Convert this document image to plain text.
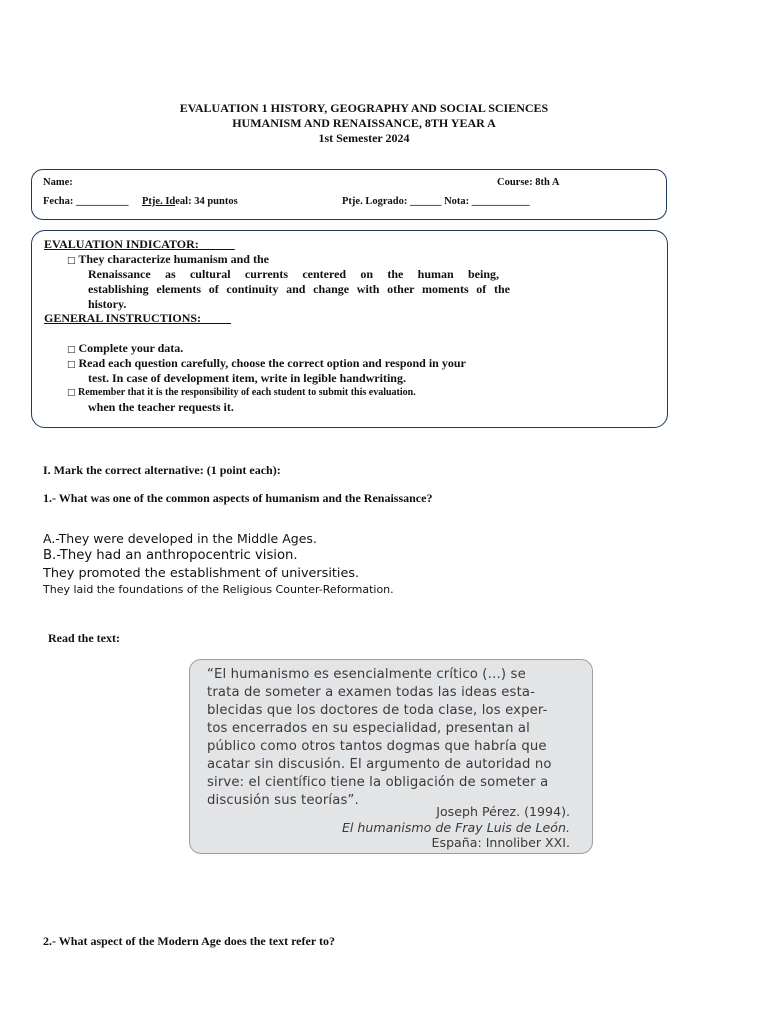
EVALUATION 1 HISTORY, GEOGRAPHY AND SOCIAL SCIENCES
HUMANISM AND RENAISSANCE, 8TH YEAR A
1st Semester 2024
Name:	Course: 8th A
Fecha: __________ Ptje. Ideal: 34 puntos	Ptje. Logrado: ______ Nota: ___________
EVALUATION INDICATOR:
□ They characterize humanism and the
Renaissance as cultural currents centered on the human being,
establishing elements of continuity and change with other moments of the
history.
GENERAL INSTRUCTIONS:
□ Complete your data.
□ Read each question carefully, choose the correct option and respond in your
test. In case of development item, write in legible handwriting.
□ Remember that it is the responsibility of each student to submit this evaluation.
when the teacher requests it.
I. Mark the correct alternative: (1 point each):
1.- What was one of the common aspects of humanism and the Renaissance?
A.-They were developed in the Middle Ages.
B.-They had an anthropocentric vision.
They promoted the establishment of universities.
They laid the foundations of the Religious Counter-Reformation.
Read the text:
“El humanismo es esencialmente crítico (…) se
trata de someter a examen todas las ideas esta-
blecidas que los doctores de toda clase, los exper-
tos encerrados en su especialidad, presentan al
público como otros tantos dogmas que habría que
acatar sin discusión. El argumento de autoridad no
sirve: el científico tiene la obligación de someter a
discusión sus teorías”.
Joseph Pérez. (1994).
El humanismo de Fray Luis de León.
España: Innoliber XXI.
2.- What aspect of the Modern Age does the text refer to?
